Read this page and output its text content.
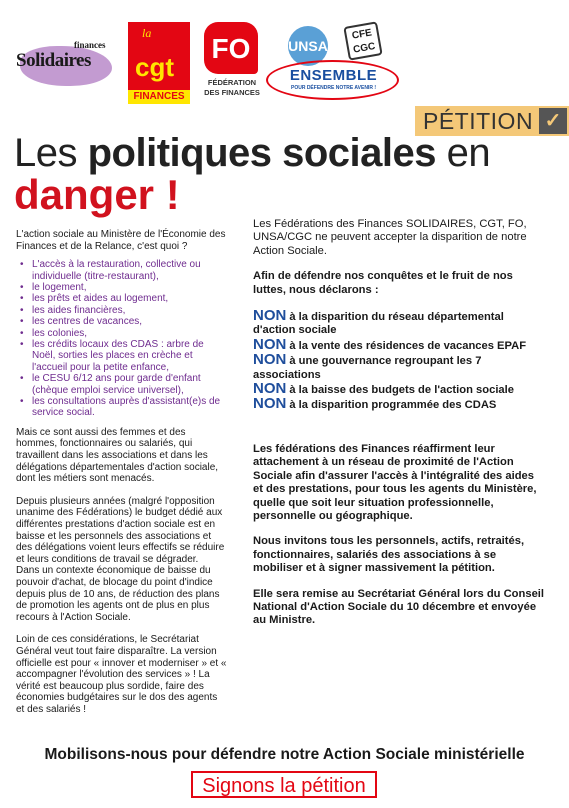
finances
Solidaires
la
cgt
FINANCES
FO
FÉDÉRATION DES FINANCES
UNSA
CFE CGC
ENSEMBLE
POUR DÉFENDRE NOTRE AVENIR !
PÉTITION ✓
Les politiques sociales en
danger !

L'action sociale au Ministère de l'Économie des Finances et de la Relance, c'est quoi ?

• L'accès à la restauration, collective ou individuelle (titre-restaurant),
• le logement,
• les prêts et aides au logement,
• les aides financières,
• les centres de vacances,
• les colonies,
• les crédits locaux des CDAS : arbre de Noël, sorties les places en crèche et l'accueil pour la petite enfance,
• le CESU 6/12 ans pour garde d'enfant (chèque emploi service universel),
• les consultations auprès d'assistant(e)s de service social.

Mais ce sont aussi des femmes et des hommes, fonctionnaires ou salariés, qui travaillent dans les associations et dans les délégations départementales d'action sociale, dont les métiers sont menacés.

Depuis plusieurs années (malgré l'opposition unanime des Fédérations) le budget dédié aux différentes prestations d'action sociale est en baisse et les personnels des associations et des délégations voient leurs effectifs se réduire et leurs conditions de travail se dégrader.

Dans un contexte économique de baisse du pouvoir d'achat, de blocage du point d'indice depuis plus de 10 ans, de réduction des plans de promotion les agents ont de plus en plus recours à l'Action Sociale.

Loin de ces considérations, le Secrétariat Général veut tout faire disparaître. La version officielle est pour « innover et moderniser » et « accompagner l'évolution des services » ! La vérité est beaucoup plus sordide, faire des économies budgétaires sur le dos des agents et des salariés !

Les Fédérations des Finances SOLIDAIRES, CGT, FO, UNSA/CGC ne peuvent accepter la disparition de notre Action Sociale.

Afin de défendre nos conquêtes et le fruit de nos luttes, nous déclarons :

NON à la disparition du réseau départemental d'action sociale

NON à la vente des résidences de vacances EPAF

NON à une gouvernance regroupant les 7 associations

NON à la baisse des budgets de l'action sociale

NON à la disparition programmée des CDAS

Les fédérations des Finances réaffirment leur attachement à un réseau de proximité de l'Action Sociale afin d'assurer l'accès à l'intégralité des aides et des prestations, pour tous les agents du Ministère, quelle que soit leur situation professionnelle, personnelle ou géographique.

Nous invitons tous les personnels, actifs, retraités, fonctionnaires, salariés des associations à se mobiliser et à signer massivement la pétition.

Elle sera remise au Secrétariat Général lors du Conseil National d'Action Sociale du 10 décembre et envoyée au Ministre.

Mobilisons-nous pour défendre notre Action Sociale ministérielle
Signons la pétition
